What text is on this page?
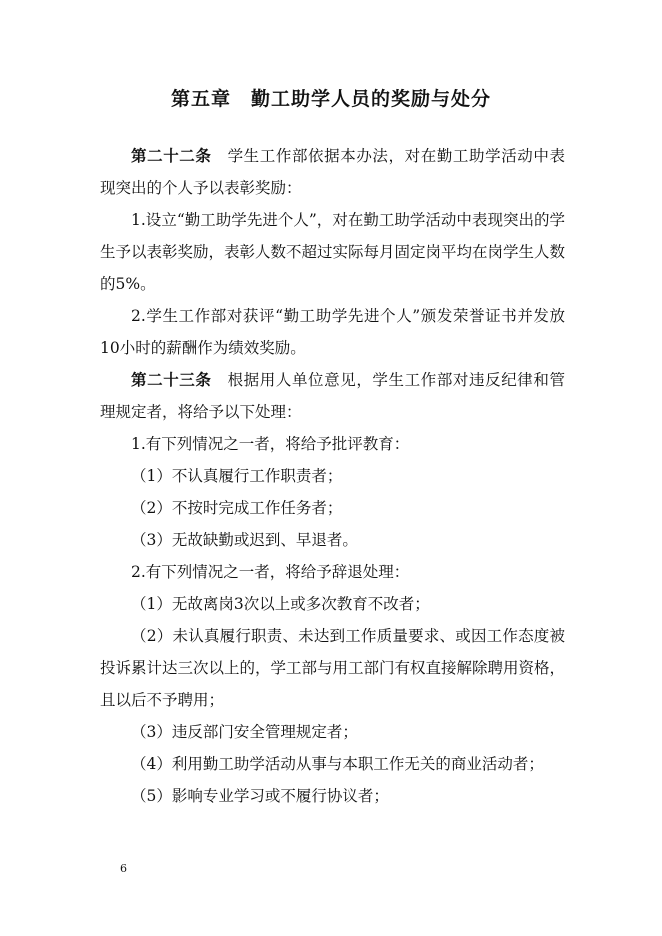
第五章　勤工助学人员的奖励与处分
第二十二条　学生工作部依据本办法，对在勤工助学活动中表现突出的个人予以表彰奖励：
1.设立“勤工助学先进个人”，对在勤工助学活动中表现突出的学生予以表彰奖励，表彰人数不超过实际每月固定岗平均在岗学生人数的5%。
2.学生工作部对获评“勤工助学先进个人”颁发荣誉证书并发放10小时的薪酬作为绩效奖励。
第二十三条　根据用人单位意见，学生工作部对违反纪律和管理规定者，将给予以下处理：
1.有下列情况之一者，将给予批评教育：
（1）不认真履行工作职责者；
（2）不按时完成工作任务者；
（3）无故缺勤或迟到、早退者。
2.有下列情况之一者，将给予辞退处理：
（1）无故离岗3次以上或多次教育不改者；
（2）未认真履行职责、未达到工作质量要求、或因工作态度被投诉累计达三次以上的，学工部与用工部门有权直接解除聘用资格，且以后不予聘用；
（3）违反部门安全管理规定者；
（4）利用勤工助学活动从事与本职工作无关的商业活动者；
（5）影响专业学习或不履行协议者；
6
